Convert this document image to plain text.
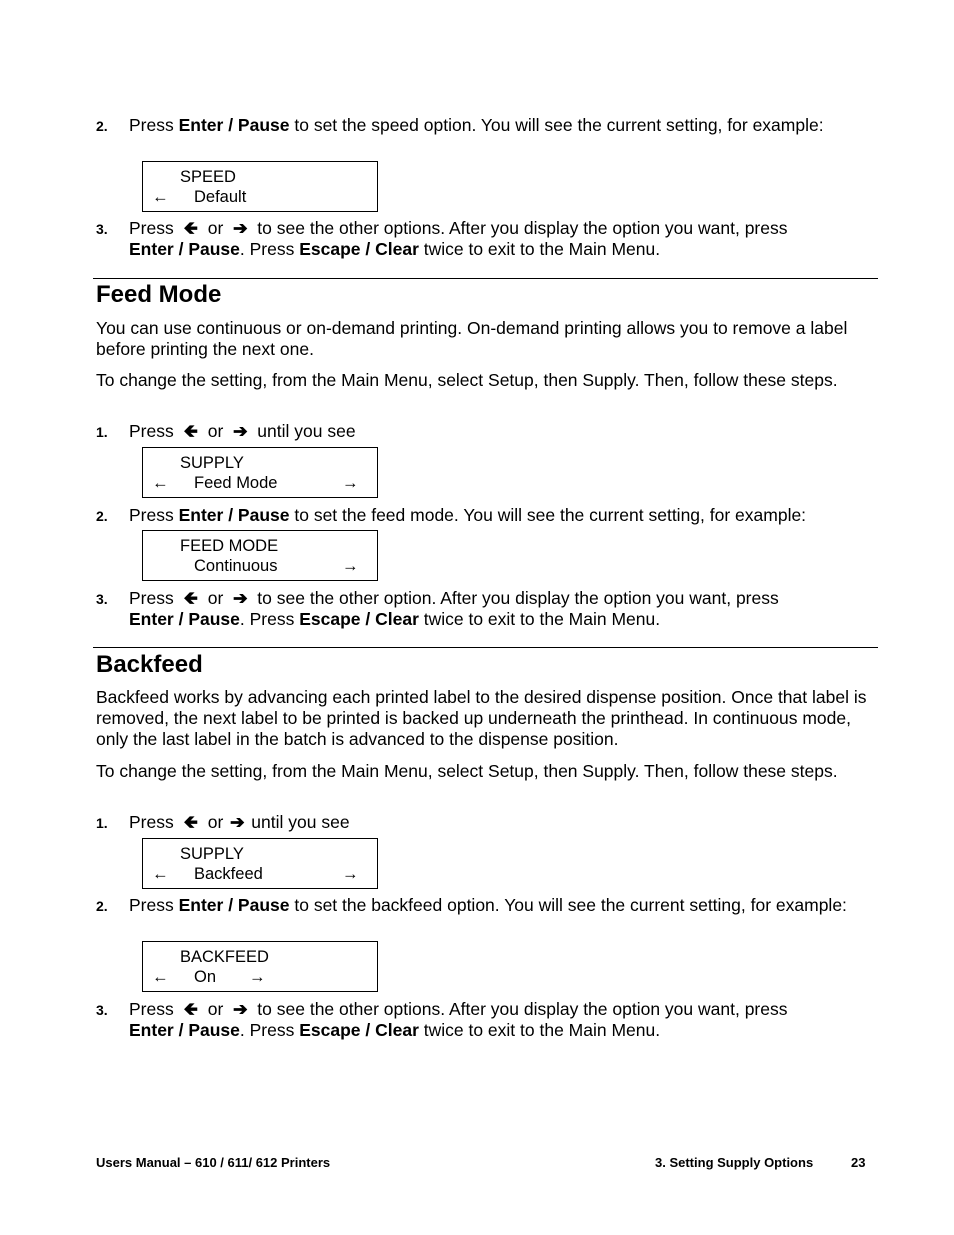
2. Press Enter / Pause to set the speed option. You will see the current setting, for example:
SPEED
← Default
3. Press 🡸 or ➔ to see the other options. After you display the option you want, press
Enter / Pause. Press Escape / Clear twice to exit to the Main Menu.
Feed Mode
You can use continuous or on-demand printing. On-demand printing allows you to remove a label before printing the next one.
To change the setting, from the Main Menu, select Setup, then Supply. Then, follow these steps.
1. Press 🡸 or ➔ until you see
SUPPLY
← Feed Mode	→
2. Press Enter / Pause to set the feed mode. You will see the current setting, for example:
FEED MODE
Continuous	→
3. Press 🡸 or ➔ to see the other option. After you display the option you want, press
Enter / Pause. Press Escape / Clear twice to exit to the Main Menu.
Backfeed
Backfeed works by advancing each printed label to the desired dispense position. Once that label is removed, the next label to be printed is backed up underneath the printhead. In continuous mode, only the last label in the batch is advanced to the dispense position.
To change the setting, from the Main Menu, select Setup, then Supply. Then, follow these steps.
1. Press 🡸 or ➔ until you see
SUPPLY
← Backfeed	→
2. Press Enter / Pause to set the backfeed option. You will see the current setting, for example:
BACKFEED
← On →
3. Press 🡸 or ➔ to see the other options. After you display the option you want, press
Enter / Pause. Press Escape / Clear twice to exit to the Main Menu.
Users Manual – 610 / 611/ 612 Printers	3. Setting Supply Options	23
